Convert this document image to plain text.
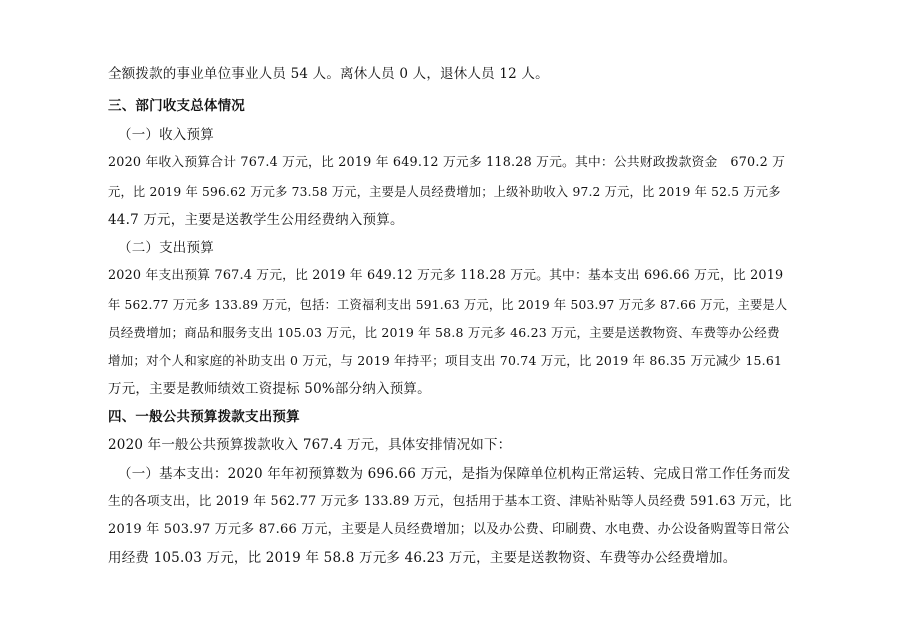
全额拨款的事业单位事业人员 54 人。离休人员 0 人，退休人员 12 人。
三、部门收支总体情况
（一）收入预算
2020 年收入预算合计 767.4 万元，比 2019 年 649.12 万元多 118.28 万元。其中：公共财政拨款资金　670.2 万
元，比 2019 年 596.62 万元多 73.58 万元，主要是人员经费增加；上级补助收入 97.2 万元，比 2019 年 52.5 万元多
44.7 万元，主要是送教学生公用经费纳入预算。
（二）支出预算
2020 年支出预算 767.4 万元，比 2019 年 649.12 万元多 118.28 万元。其中：基本支出 696.66 万元，比 2019
年 562.77 万元多 133.89 万元，包括：工资福利支出 591.63 万元，比 2019 年 503.97 万元多 87.66 万元，主要是人
员经费增加；商品和服务支出 105.03 万元，比 2019 年 58.8 万元多 46.23 万元，主要是送教物资、车费等办公经费
增加；对个人和家庭的补助支出 0 万元，与 2019 年持平；项目支出 70.74 万元，比 2019 年 86.35 万元减少 15.61
万元，主要是教师绩效工资提标 50%部分纳入预算。
四、一般公共预算拨款支出预算
2020 年一般公共预算拨款收入 767.4 万元，具体安排情况如下：
（一）基本支出：2020 年年初预算数为 696.66 万元，是指为保障单位机构正常运转、完成日常工作任务而发
生的各项支出，比 2019 年 562.77 万元多 133.89 万元，包括用于基本工资、津贴补贴等人员经费 591.63 万元，比
2019 年 503.97 万元多 87.66 万元，主要是人员经费增加；以及办公费、印刷费、水电费、办公设备购置等日常公
用经费 105.03 万元，比 2019 年 58.8 万元多 46.23 万元，主要是送教物资、车费等办公经费增加。
